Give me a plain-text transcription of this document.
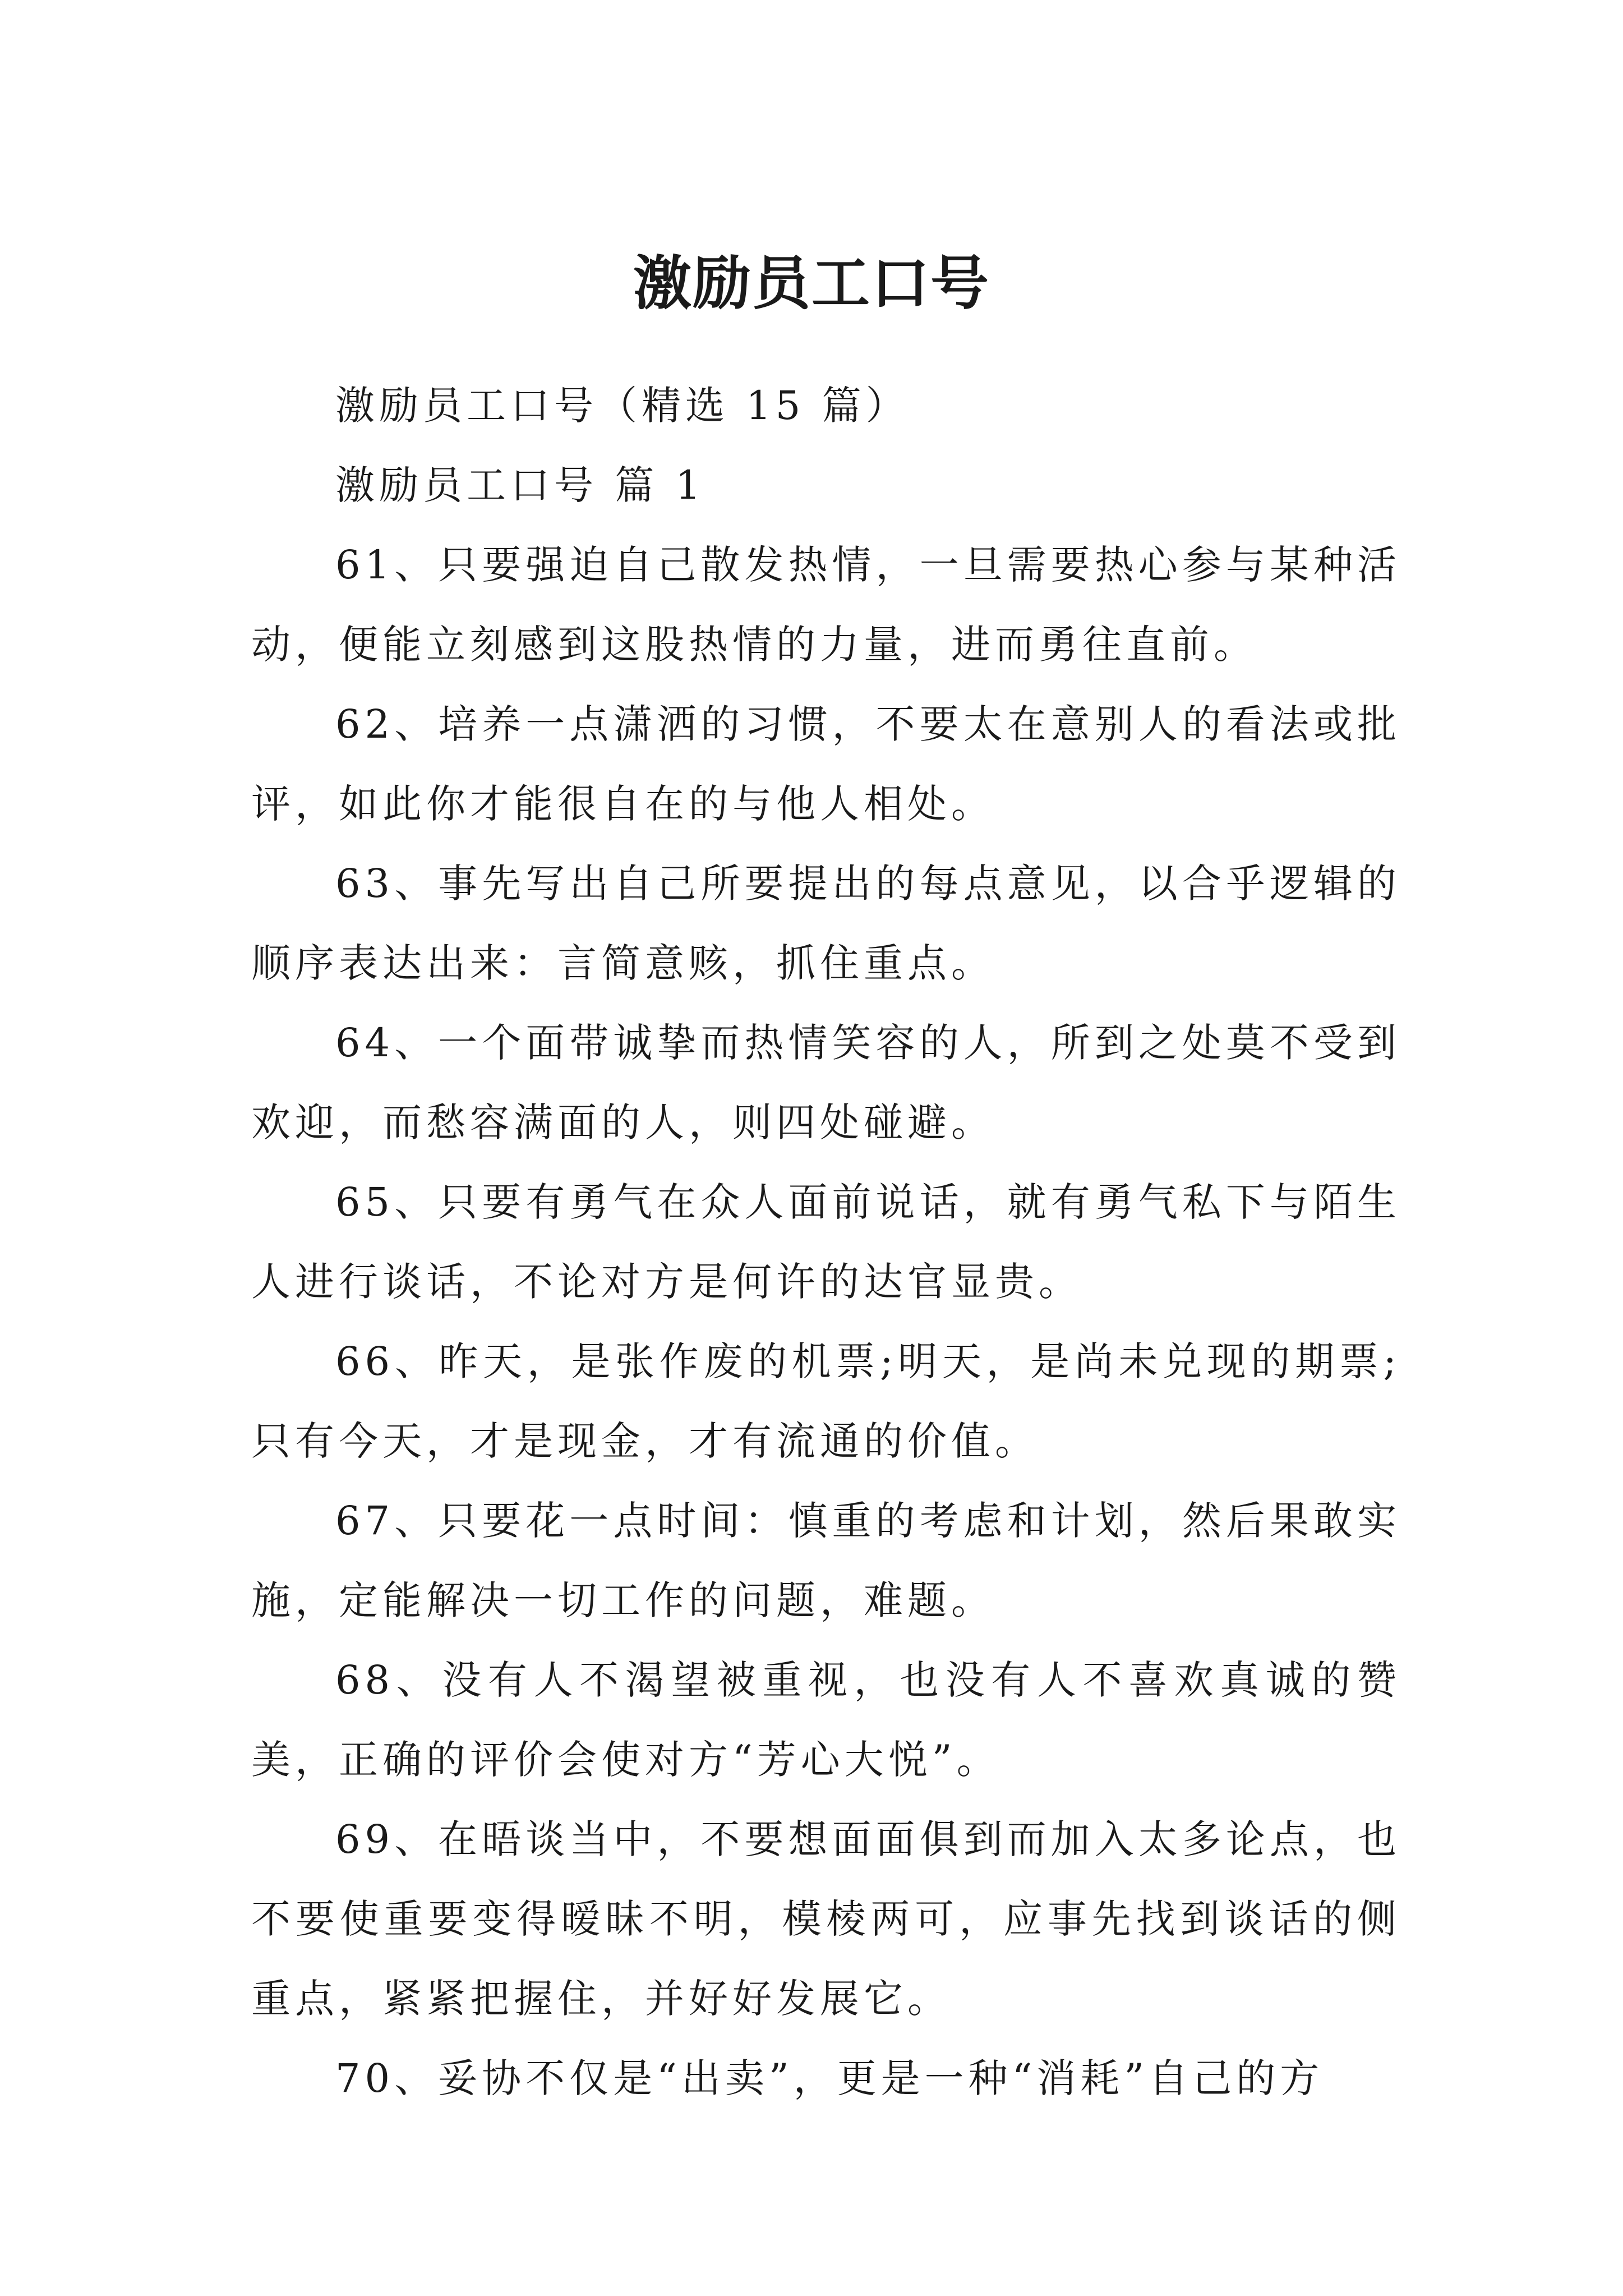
激励员工口号

激励员工口号（精选 15 篇）

激励员工口号 篇 1

61、只要强迫自己散发热情，一旦需要热心参与某种活动，便能立刻感到这股热情的力量，进而勇往直前。

62、培养一点潇洒的习惯，不要太在意别人的看法或批评，如此你才能很自在的与他人相处。

63、事先写出自己所要提出的每点意见，以合乎逻辑的顺序表达出来：言简意赅，抓住重点。

64、一个面带诚挚而热情笑容的人，所到之处莫不受到欢迎，而愁容满面的人，则四处碰避。

65、只要有勇气在众人面前说话，就有勇气私下与陌生人进行谈话，不论对方是何许的达官显贵。

66、昨天，是张作废的机票;明天，是尚未兑现的期票;只有今天，才是现金，才有流通的价值。

67、只要花一点时间：慎重的考虑和计划，然后果敢实施，定能解决一切工作的问题，难题。

68、没有人不渴望被重视，也没有人不喜欢真诚的赞美，正确的评价会使对方“芳心大悦”。

69、在晤谈当中，不要想面面俱到而加入太多论点，也不要使重要变得暧昧不明，模棱两可，应事先找到谈话的侧重点，紧紧把握住，并好好发展它。

70、妥协不仅是“出卖”，更是一种“消耗”自己的方
